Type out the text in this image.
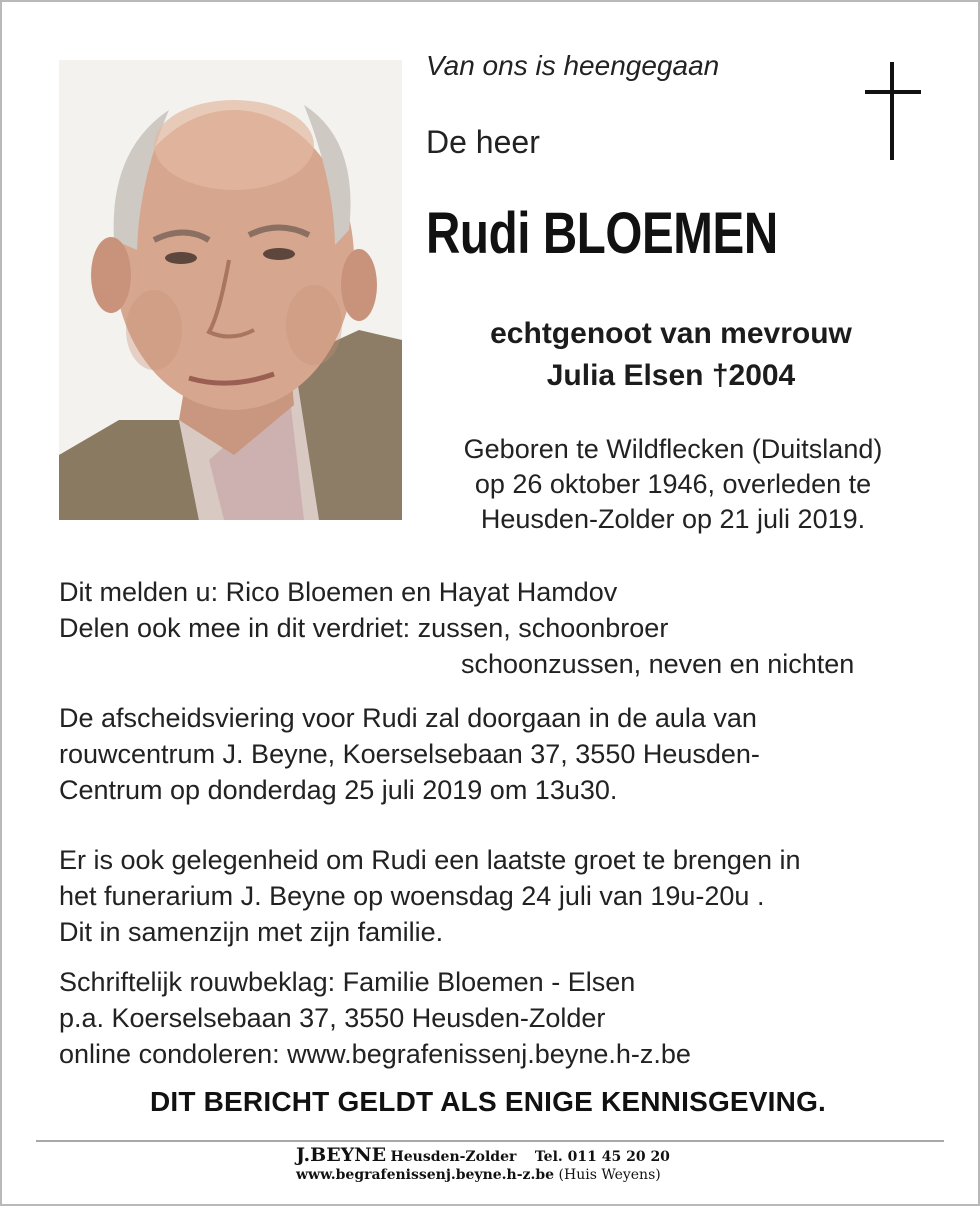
Van ons is heengegaan

De heer

Rudi BLOEMEN
echtgenoot van mevrouw
Julia Elsen †2004
Geboren te Wildflecken (Duitsland)
op 26 oktober 1946, overleden te
Heusden-Zolder op 21 juli 2019.
Dit melden u: Rico Bloemen en Hayat Hamdov
Delen ook mee in dit verdriet: zussen, schoonbroer
schoonzussen, neven en nichten
De afscheidsviering voor Rudi zal doorgaan in de aula van
rouwcentrum J. Beyne, Koerselsebaan 37, 3550 Heusden-
Centrum op donderdag 25 juli 2019 om 13u30.
Er is ook gelegenheid om Rudi een laatste groet te brengen in
het funerarium J. Beyne op woensdag 24 juli van 19u-20u .
Dit in samenzijn met zijn familie.
Schriftelijk rouwbeklag: Familie Bloemen - Elsen
p.a. Koerselsebaan 37, 3550 Heusden-Zolder
online condoleren: www.begrafenissenj.beyne.h-z.be
DIT BERICHT GELDT ALS ENIGE KENNISGEVING.
J.BEYNE Heusden-Zolder Tel. 011 45 20 20
www.begrafenissenj.beyne.h-z.be (Huis Weyens)
